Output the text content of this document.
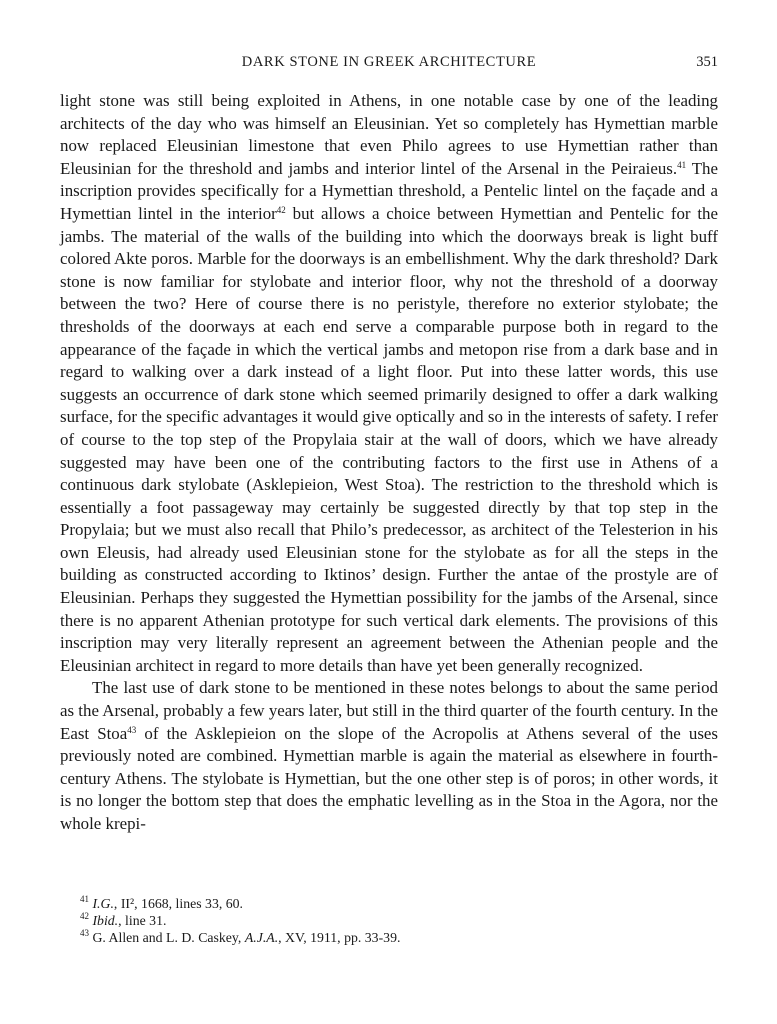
DARK STONE IN GREEK ARCHITECTURE	351

light stone was still being exploited in Athens, in one notable case by one of the leading architects of the day who was himself an Eleusinian. Yet so completely has Hymettian marble now replaced Eleusinian limestone that even Philo agrees to use Hymettian rather than Eleusinian for the threshold and jambs and interior lintel of the Arsenal in the Peiraieus.$^{41}$ The inscription provides specifically for a Hymettian threshold, a Pentelic lintel on the façade and a Hymettian lintel in the interior$^{42}$ but allows a choice between Hymettian and Pentelic for the jambs. The material of the walls of the building into which the doorways break is light buff colored Akte poros. Marble for the doorways is an embellishment. Why the dark threshold? Dark stone is now familiar for stylobate and interior floor, why not the threshold of a doorway between the two? Here of course there is no peristyle, therefore no exterior stylobate; the thresholds of the doorways at each end serve a comparable purpose both in regard to the appearance of the façade in which the vertical jambs and metopon rise from a dark base and in regard to walking over a dark instead of a light floor. Put into these latter words, this use suggests an occurrence of dark stone which seemed primarily designed to offer a dark walking surface, for the specific advantages it would give optically and so in the interests of safety. I refer of course to the top step of the Propylaia stair at the wall of doors, which we have already suggested may have been one of the contributing factors to the first use in Athens of a continuous dark stylobate (Asklepieion, West Stoa). The restriction to the threshold which is essentially a foot passageway may certainly be suggested directly by that top step in the Propylaia; but we must also recall that Philo’s predecessor, as architect of the Telesterion in his own Eleusis, had already used Eleusinian stone for the stylobate as for all the steps in the building as constructed according to Iktinos’ design. Further the antae of the prostyle are of Eleusinian. Perhaps they suggested the Hymettian possibility for the jambs of the Arsenal, since there is no apparent Athenian prototype for such vertical dark elements. The provisions of this inscription may very literally represent an agreement between the Athenian people and the Eleusinian architect in regard to more details than have yet been generally recognized.

The last use of dark stone to be mentioned in these notes belongs to about the same period as the Arsenal, probably a few years later, but still in the third quarter of the fourth century. In the East Stoa$^{43}$ of the Asklepieion on the slope of the Acropolis at Athens several of the uses previously noted are combined. Hymettian marble is again the material as elsewhere in fourth-century Athens. The stylobate is Hymettian, but the one other step is of poros; in other words, it is no longer the bottom step that does the emphatic levelling as in the Stoa in the Agora, nor the whole krepi-

$^{41}$ I.G., II², 1668, lines 33, 60.
$^{42}$ Ibid., line 31.
$^{43}$ G. Allen and L. D. Caskey, A.J.A., XV, 1911, pp. 33-39.
